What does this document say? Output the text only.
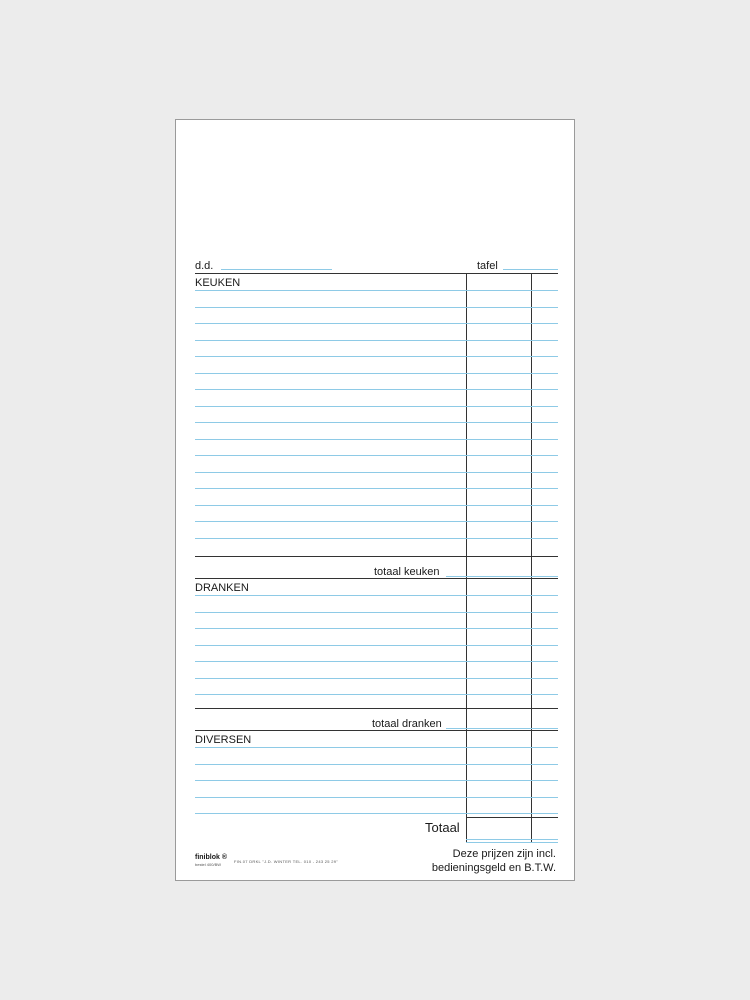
d.d.	tafel
KEUKEN
totaal keuken
DRANKEN
totaal dranken
DIVERSEN
Totaal
finiblok ®
bestel 400/BW
FIN.07 DRKL "J.D. WINTER TEL. 010 - 243 25 29"
Deze prijzen zijn incl.
bedieningsgeld en B.T.W.
